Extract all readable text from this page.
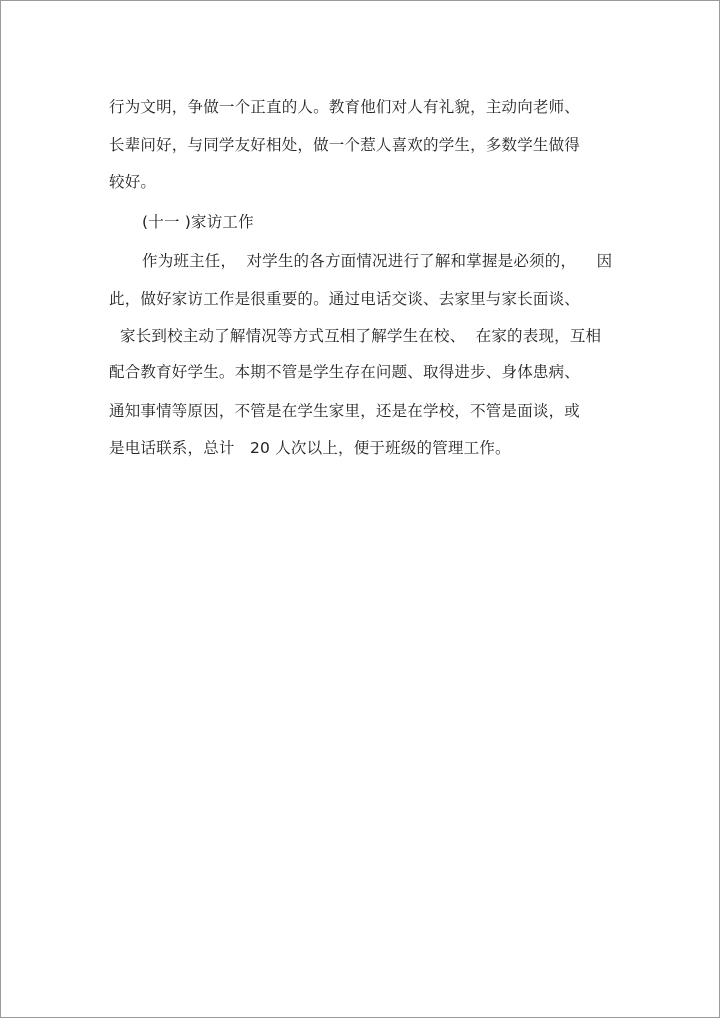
行为文明，争做一个正直的人。教育他们对人有礼貌，主动向老师、
长辈问好，与同学友好相处，做一个惹人喜欢的学生，多数学生做得
较好。
(十一 )家访工作
作为班主任，  对学生的各方面情况进行了解和掌握是必须的，    因
此，做好家访工作是很重要的。通过电话交谈、去家里与家长面谈、
家长到校主动了解情况等方式互相了解学生在校、  在家的表现，互相
配合教育好学生。本期不管是学生存在问题、取得进步、身体患病、
通知事情等原因，不管是在学生家里，还是在学校，不管是面谈，或
是电话联系，总计   20 人次以上，便于班级的管理工作。
